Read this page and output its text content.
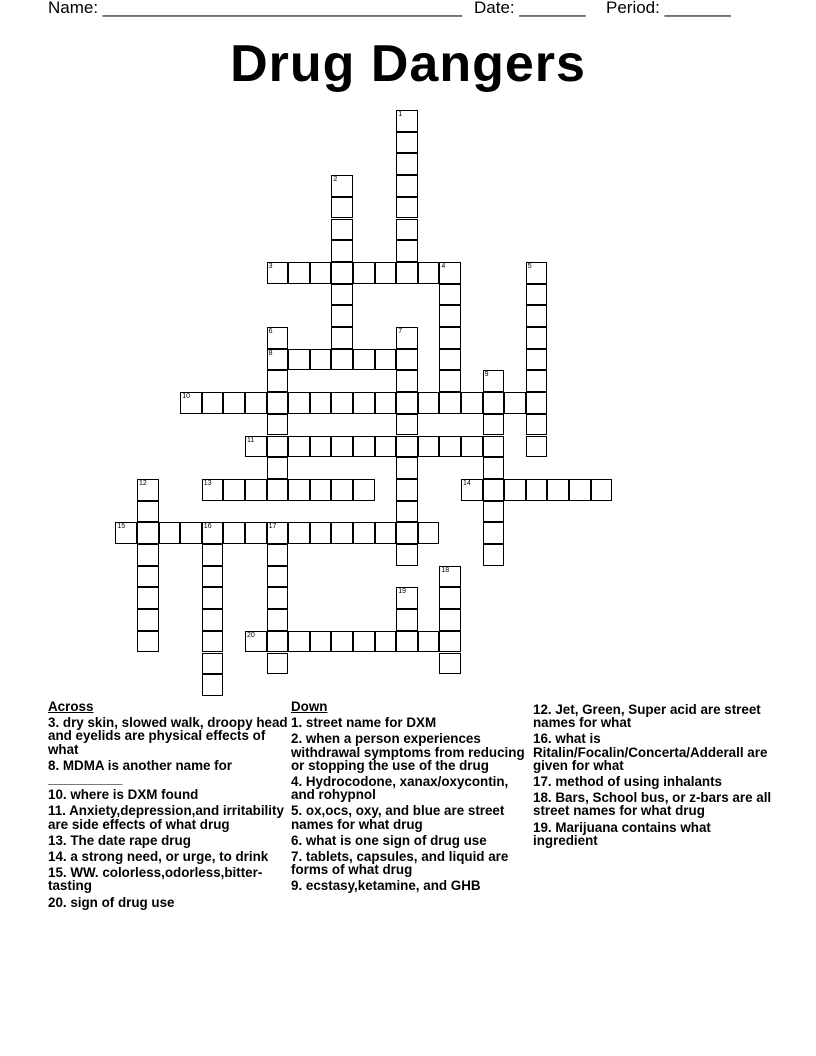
Name: ______________________________________ Date: _______ Period: _______
Drug Dangers
1
2
3	4	5
6
8
7
9
10
11
12	13	14
15	16	17
18
19
20
Across
3. dry skin, slowed walk, droopy head and eyelids are physical effects of what
8. MDMA is another name for __________
10. where is DXM found
11. Anxiety,depression,and irritability are side effects of what drug
13. The date rape drug
14. a strong need, or urge, to drink
15. WW. colorless,odorless,bitter-tasting
20. sign of drug use
Down
1. street name for DXM
2. when a person experiences withdrawal symptoms from reducing or stopping the use of the drug
4. Hydrocodone, xanax/oxycontin, and rohypnol
5. ox,ocs, oxy, and blue are street names for what drug
6. what is one sign of drug use
7. tablets, capsules, and liquid are forms of what drug
9. ecstasy,ketamine, and GHB
12. Jet, Green, Super acid are street names for what
16. what is Ritalin/Focalin/Concerta/Adderall are given for what
17. method of using inhalants
18. Bars, School bus, or z-bars are all street names for what drug
19. Marijuana contains what ingredient
